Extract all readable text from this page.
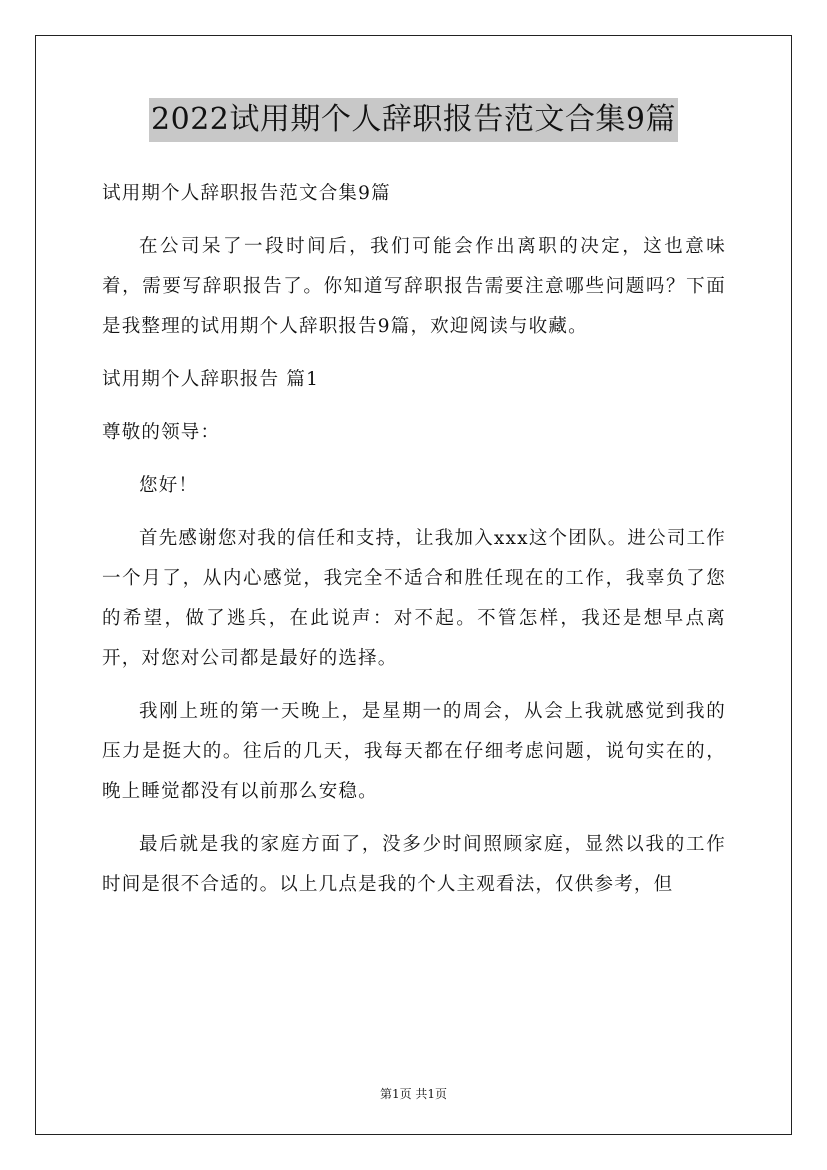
2022试用期个人辞职报告范文合集9篇

试用期个人辞职报告范文合集9篇

在公司呆了一段时间后，我们可能会作出离职的决定，这也意味着，需要写辞职报告了。你知道写辞职报告需要注意哪些问题吗？下面是我整理的试用期个人辞职报告9篇，欢迎阅读与收藏。

试用期个人辞职报告 篇1

尊敬的领导：

您好！

首先感谢您对我的信任和支持，让我加入xxx这个团队。进公司工作一个月了，从内心感觉，我完全不适合和胜任现在的工作，我辜负了您的希望，做了逃兵，在此说声：对不起。不管怎样，我还是想早点离开，对您对公司都是最好的选择。

我刚上班的第一天晚上，是星期一的周会，从会上我就感觉到我的压力是挺大的。往后的几天，我每天都在仔细考虑问题，说句实在的，晚上睡觉都没有以前那么安稳。

最后就是我的家庭方面了，没多少时间照顾家庭，显然以我的工作时间是很不合适的。以上几点是我的个人主观看法，仅供参考，但

第1页 共1页
